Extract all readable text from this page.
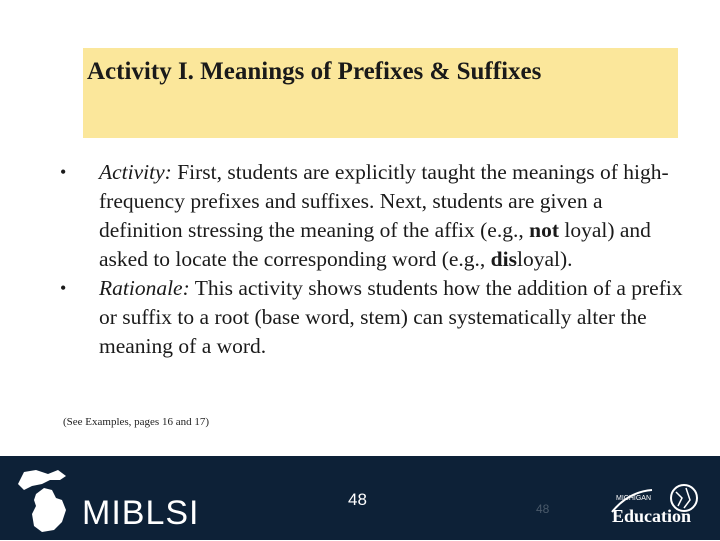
Activity I. Meanings of Prefixes & Suffixes
• Activity: First, students are explicitly taught the meanings of high-frequency prefixes and suffixes. Next, students are given a definition stressing the meaning of the affix (e.g., not loyal) and asked to locate the corresponding word (e.g., disloyal).
• Rationale: This activity shows students how the addition of a prefix or suffix to a root (base word, stem) can systematically alter the meaning of a word.
(See Examples, pages 16 and 17)
MIBLSI	48	48
MICHIGAN
Education
